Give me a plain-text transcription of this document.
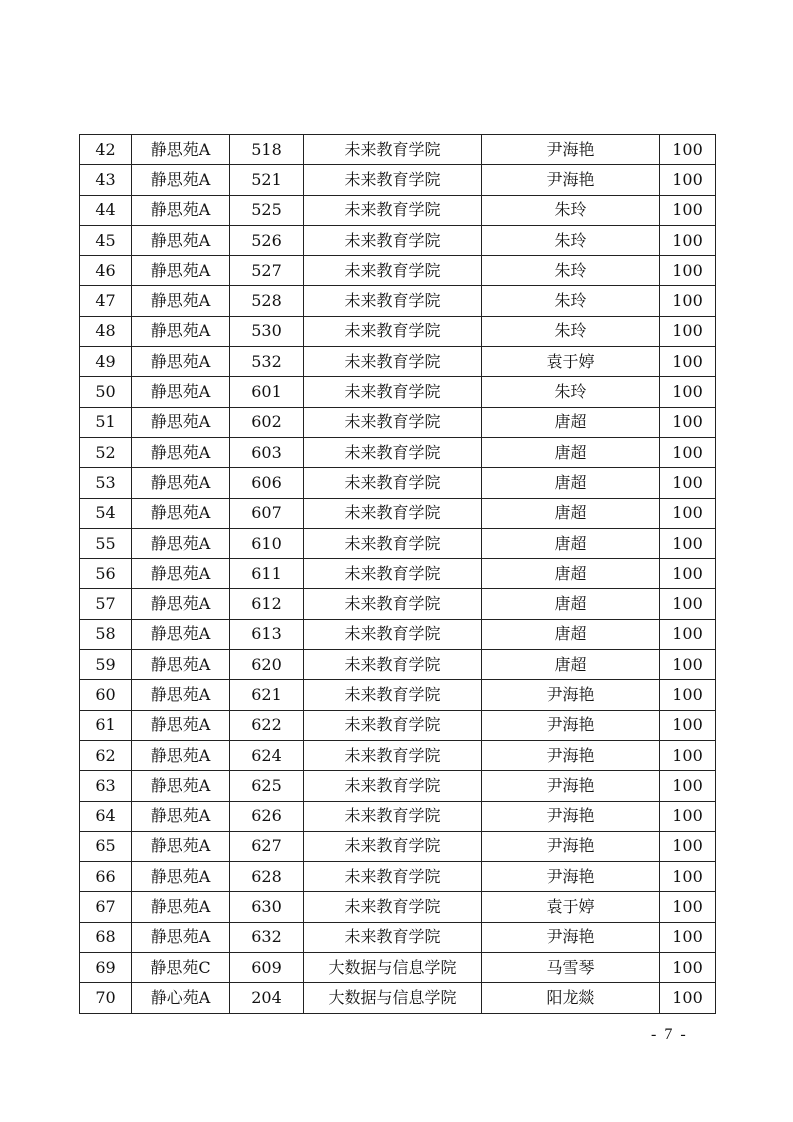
42	静思苑A	518	未来教育学院	尹海艳	100
43	静思苑A	521	未来教育学院	尹海艳	100
44	静思苑A	525	未来教育学院	朱玲	100
45	静思苑A	526	未来教育学院	朱玲	100
46	静思苑A	527	未来教育学院	朱玲	100
47	静思苑A	528	未来教育学院	朱玲	100
48	静思苑A	530	未来教育学院	朱玲	100
49	静思苑A	532	未来教育学院	袁于婷	100
50	静思苑A	601	未来教育学院	朱玲	100
51	静思苑A	602	未来教育学院	唐超	100
52	静思苑A	603	未来教育学院	唐超	100
53	静思苑A	606	未来教育学院	唐超	100
54	静思苑A	607	未来教育学院	唐超	100
55	静思苑A	610	未来教育学院	唐超	100
56	静思苑A	611	未来教育学院	唐超	100
57	静思苑A	612	未来教育学院	唐超	100
58	静思苑A	613	未来教育学院	唐超	100
59	静思苑A	620	未来教育学院	唐超	100
60	静思苑A	621	未来教育学院	尹海艳	100
61	静思苑A	622	未来教育学院	尹海艳	100
62	静思苑A	624	未来教育学院	尹海艳	100
63	静思苑A	625	未来教育学院	尹海艳	100
64	静思苑A	626	未来教育学院	尹海艳	100
65	静思苑A	627	未来教育学院	尹海艳	100
66	静思苑A	628	未来教育学院	尹海艳	100
67	静思苑A	630	未来教育学院	袁于婷	100
68	静思苑A	632	未来教育学院	尹海艳	100
69	静思苑C	609	大数据与信息学院	马雪琴	100
70	静心苑A	204	大数据与信息学院	阳龙燚	100
- 7 -
